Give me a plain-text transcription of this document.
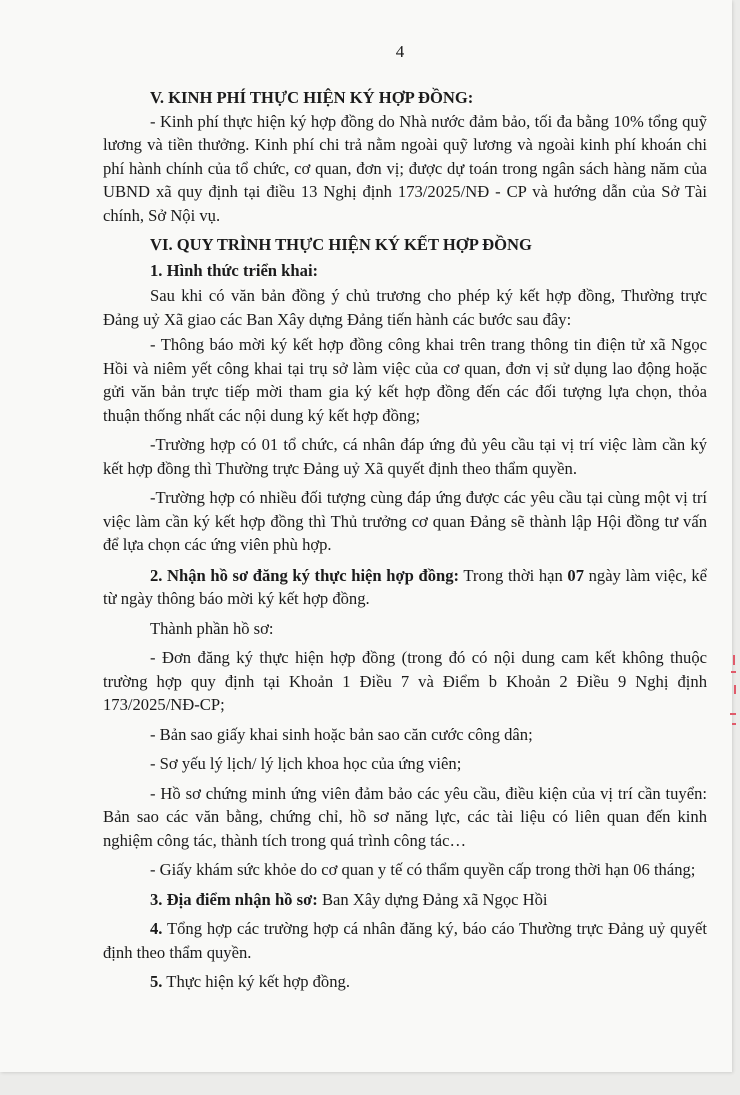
4

V. KINH PHÍ THỰC HIỆN KÝ HỢP ĐỒNG:

- Kinh phí thực hiện ký hợp đồng do Nhà nước đảm bảo, tối đa bằng 10% tổng quỹ lương và tiền thưởng. Kinh phí chi trả nằm ngoài quỹ lương và ngoài kinh phí khoán chi phí hành chính của tổ chức, cơ quan, đơn vị; được dự toán trong ngân sách hàng năm của UBND xã quy định tại điều 13 Nghị định 173/2025/NĐ - CP và hướng dẫn của Sở Tài chính, Sở Nội vụ.

VI. QUY TRÌNH THỰC HIỆN KÝ KẾT HỢP ĐỒNG

1. Hình thức triển khai:

Sau khi có văn bản đồng ý chủ trương cho phép ký kết hợp đồng, Thường trực Đảng uỷ Xã giao các Ban Xây dựng Đảng tiến hành các bước sau đây:

- Thông báo mời ký kết hợp đồng công khai trên trang thông tin điện tử xã Ngọc Hồi và niêm yết công khai tại trụ sở làm việc của cơ quan, đơn vị sử dụng lao động hoặc gửi văn bản trực tiếp mời tham gia ký kết hợp đồng đến các đối tượng lựa chọn, thỏa thuận thống nhất các nội dung ký kết hợp đồng;

-Trường hợp có 01 tổ chức, cá nhân đáp ứng đủ yêu cầu tại vị trí việc làm cần ký kết hợp đồng thì Thường trực Đảng uỷ Xã quyết định theo thẩm quyền.

-Trường hợp có nhiều đối tượng cùng đáp ứng được các yêu cầu tại cùng một vị trí việc làm cần ký kết hợp đồng thì Thủ trưởng cơ quan Đảng sẽ thành lập Hội đồng tư vấn để lựa chọn các ứng viên phù hợp.

2. Nhận hồ sơ đăng ký thực hiện hợp đồng: Trong thời hạn 07 ngày làm việc, kể từ ngày thông báo mời ký kết hợp đồng.

Thành phần hồ sơ:

- Đơn đăng ký thực hiện hợp đồng (trong đó có nội dung cam kết không thuộc trường hợp quy định tại Khoản 1 Điều 7 và Điểm b Khoản 2 Điều 9 Nghị định 173/2025/NĐ-CP;

- Bản sao giấy khai sinh hoặc bản sao căn cước công dân;

- Sơ yếu lý lịch/ lý lịch khoa học của ứng viên;

- Hồ sơ chứng minh ứng viên đảm bảo các yêu cầu, điều kiện của vị trí cần tuyển: Bản sao các văn bằng, chứng chỉ, hồ sơ năng lực, các tài liệu có liên quan đến kinh nghiệm công tác, thành tích trong quá trình công tác…

- Giấy khám sức khỏe do cơ quan y tế có thẩm quyền cấp trong thời hạn 06 tháng;

3. Địa điểm nhận hồ sơ: Ban Xây dựng Đảng xã Ngọc Hồi

4. Tổng hợp các trường hợp cá nhân đăng ký, báo cáo Thường trực Đảng uỷ quyết định theo thẩm quyền.

5. Thực hiện ký kết hợp đồng.
